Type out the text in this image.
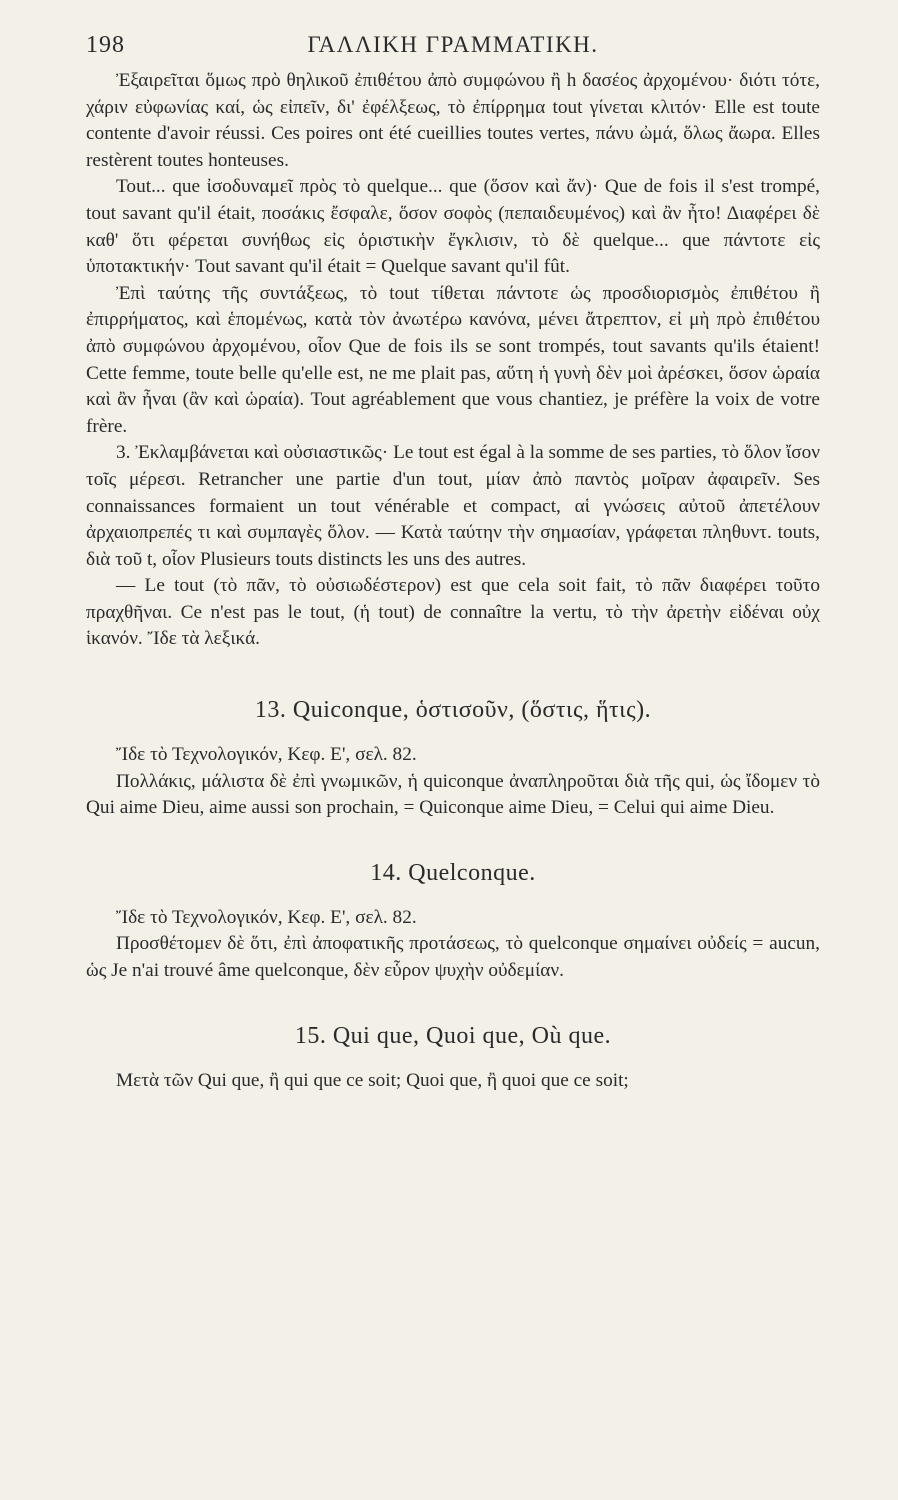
198	ΓΑΛΛΙΚΗ ΓΡΑΜΜΑΤΙΚΗ.

Ἐξαιρεῖται ὅμως πρὸ θηλικοῦ ἐπιθέτου ἀπὸ συμφώνου ἢ h δασέος ἀρχομένου· διότι τότε, χάριν εὐφωνίας καί, ὡς εἰπεῖν, δι' ἐφέλξεως, τὸ ἐπίρρημα tout γίνεται κλιτόν· Elle est toute contente d'avoir réussi. Ces poires ont été cueillies toutes vertes, πάνυ ὠμά, ὅλως ἄωρα. Elles restèrent toutes honteuses.

Tout... que ἰσοδυναμεῖ πρὸς τὸ quelque... que (ὅσον καὶ ἄν)· Que de fois il s'est trompé, tout savant qu'il était, ποσάκις ἔσφαλε, ὅσον σοφὸς (πεπαιδευμένος) καὶ ἂν ἦτο! Διαφέρει δὲ καθ' ὅτι φέρεται συνήθως εἰς ὁριστικὴν ἔγκλισιν, τὸ δὲ quelque... que πάντοτε εἰς ὑποτακτικήν· Tout savant qu'il était = Quelque savant qu'il fût.

Ἐπὶ ταύτης τῆς συντάξεως, τὸ tout τίθεται πάντοτε ὡς προσδιορισμὸς ἐπιθέτου ἢ ἐπιρρήματος, καὶ ἑπομένως, κατὰ τὸν ἀνωτέρω κανόνα, μένει ἄτρεπτον, εἰ μὴ πρὸ ἐπιθέτου ἀπὸ συμφώνου ἀρχομένου, οἷον Que de fois ils se sont trompés, tout savants qu'ils étaient! Cette femme, toute belle qu'elle est, ne me plait pas, αὕτη ἡ γυνὴ δὲν μοὶ ἀρέσκει, ὅσον ὡραία καὶ ἂν ἦναι (ἂν καὶ ὡραία). Tout agréablement que vous chantiez, je préfère la voix de votre frère.

3. Ἐκλαμβάνεται καὶ οὐσιαστικῶς· Le tout est égal à la somme de ses parties, τὸ ὅλον ἴσον τοῖς μέρεσι. Retrancher une partie d'un tout, μίαν ἀπὸ παντὸς μοῖραν ἀφαιρεῖν. Ses connaissances formaient un tout vénérable et compact, αἱ γνώσεις αὐτοῦ ἀπετέλουν ἀρχαιοπρεπές τι καὶ συμπαγὲς ὅλον. — Κατὰ ταύτην τὴν σημασίαν, γράφεται πληθυντ. touts, διὰ τοῦ t, οἷον Plusieurs touts distincts les uns des autres.

— Le tout (τὸ πᾶν, τὸ οὐσιωδέστερον) est que cela soit fait, τὸ πᾶν διαφέρει τοῦτο πραχθῆναι. Ce n'est pas le tout, (ἡ tout) de connaître la vertu, τὸ τὴν ἀρετὴν εἰδέναι οὐχ ἱκανόν. Ἴδε τὰ λεξικά.

13. Quiconque, ὁστισοῦν, (ὅστις, ἥτις).

Ἴδε τὸ Τεχνολογικόν, Κεφ. Ε', σελ. 82.

Πολλάκις, μάλιστα δὲ ἐπὶ γνωμικῶν, ἡ quiconque ἀναπληροῦται διὰ τῆς qui, ὡς ἴδομεν τὸ Qui aime Dieu, aime aussi son prochain, = Quiconque aime Dieu, = Celui qui aime Dieu.

14. Quelconque.

Ἴδε τὸ Τεχνολογικόν, Κεφ. Ε', σελ. 82.

Προσθέτομεν δὲ ὅτι, ἐπὶ ἀποφατικῆς προτάσεως, τὸ quelconque σημαίνει οὐδείς = aucun, ὡς Je n'ai trouvé âme quelconque, δὲν εὗρον ψυχὴν οὐδεμίαν.

15. Qui que, Quoi que, Où que.

Μετὰ τῶν Qui que, ἢ qui que ce soit; Quoi que, ἢ quoi que ce soit;
